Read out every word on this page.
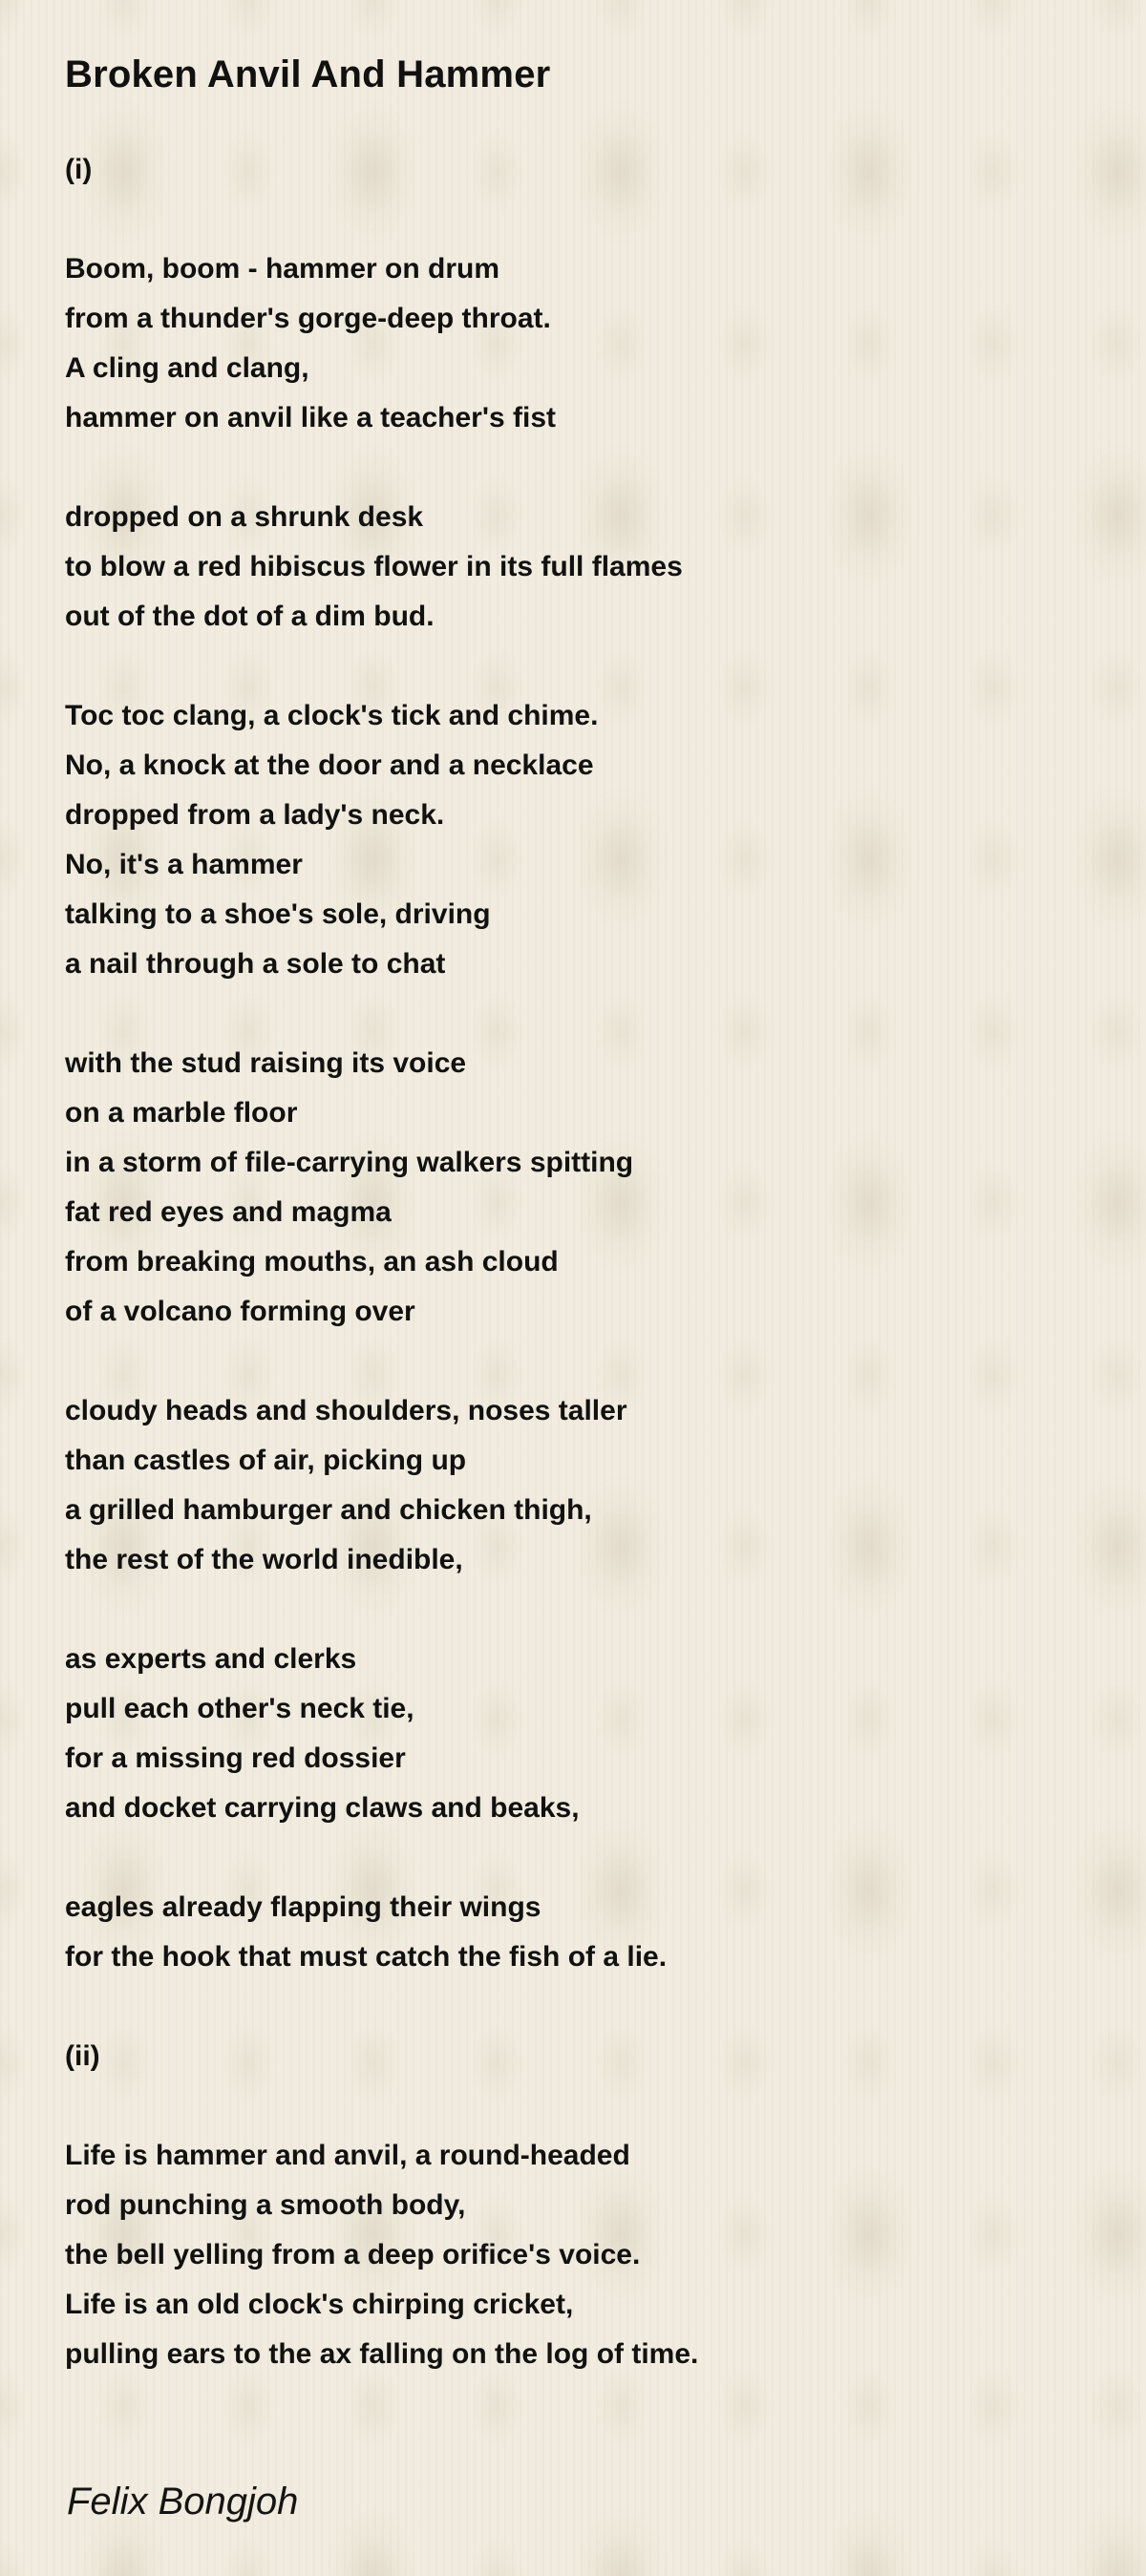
Broken Anvil And Hammer
(i)
Boom, boom - hammer on drum
from a thunder's gorge-deep throat.
A cling and clang,
hammer on anvil like a teacher's fist
dropped on a shrunk desk
to blow a red hibiscus flower in its full flames
out of the dot of a dim bud.
Toc toc clang, a clock's tick and chime.
No, a knock at the door and a necklace
dropped from a lady's neck.
No, it's a hammer
talking to a shoe's sole, driving
a nail through a sole to chat
with the stud raising its voice
on a marble floor
in a storm of file-carrying walkers spitting
fat red eyes and magma
from breaking mouths, an ash cloud
of a volcano forming over
cloudy heads and shoulders, noses taller
than castles of air, picking up
a grilled hamburger and chicken thigh,
the rest of the world inedible,
as experts and clerks
pull each other's neck tie,
for a missing red dossier
and docket carrying claws and beaks,
eagles already flapping their wings
for the hook that must catch the fish of a lie.
(ii)
Life is hammer and anvil, a round-headed
rod punching a smooth body,
the bell yelling from a deep orifice's voice.
Life is an old clock's chirping cricket,
pulling ears to the ax falling on the log of time.
Felix Bongjoh
